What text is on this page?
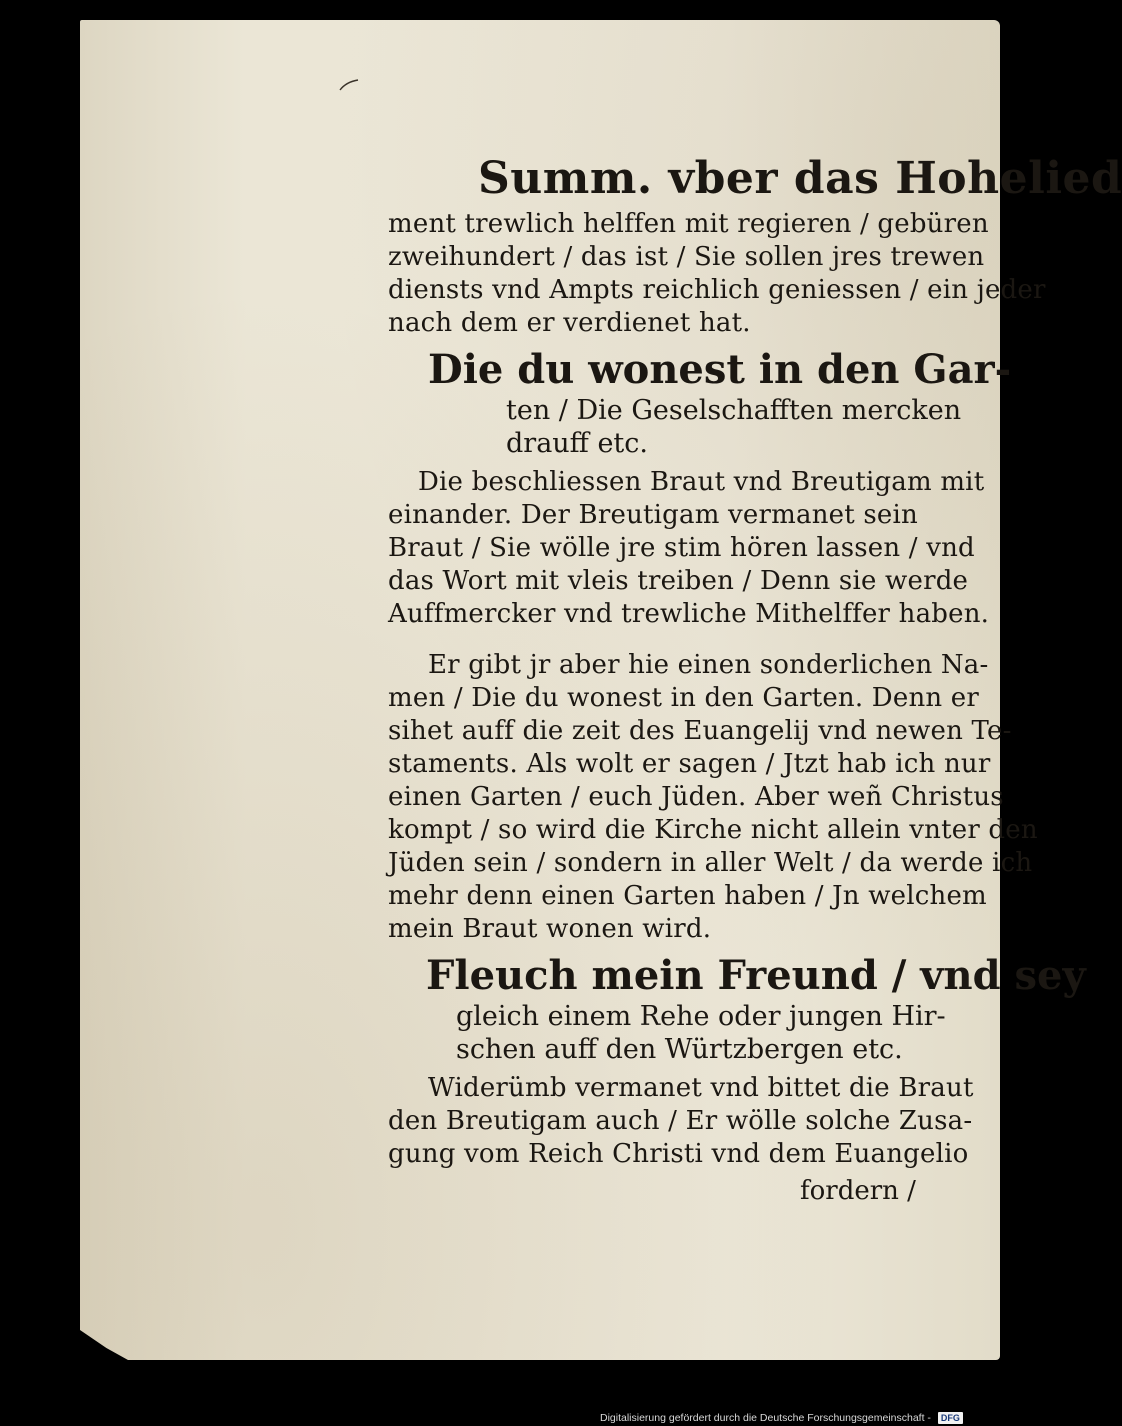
Summ. vber das Hohelied
ment trewlich helffen mit regieren / gebüren
zweihundert / das ist / Sie sollen jres trewen
diensts vnd Ampts reichlich geniessen / ein jeder
nach dem er verdienet hat.
Die du wonest in den Gar-
ten / Die Geselschafften mercken
drauff etc.
Die beschliessen Braut vnd Breutigam mit
einander. Der Breutigam vermanet sein
Braut / Sie wölle jre stim hören lassen / vnd
das Wort mit vleis treiben / Denn sie werde
Auffmercker vnd trewliche Mithelffer haben.
Er gibt jr aber hie einen sonderlichen Na-
men / Die du wonest in den Garten. Denn er
sihet auff die zeit des Euangelij vnd newen Te-
staments. Als wolt er sagen / Jtzt hab ich nur
einen Garten / euch Jüden. Aber weñ Christus
kompt / so wird die Kirche nicht allein vnter den
Jüden sein / sondern in aller Welt / da werde ich
mehr denn einen Garten haben / Jn welchem
mein Braut wonen wird.
Fleuch mein Freund / vnd sey
gleich einem Rehe oder jungen Hir-
schen auff den Würtzbergen etc.
Widerümb vermanet vnd bittet die Braut
den Breutigam auch / Er wölle solche Zusa-
gung vom Reich Christi vnd dem Euangelio
fordern /
Digitalisierung gefördert durch die Deutsche Forschungsgemeinschaft - DFG
